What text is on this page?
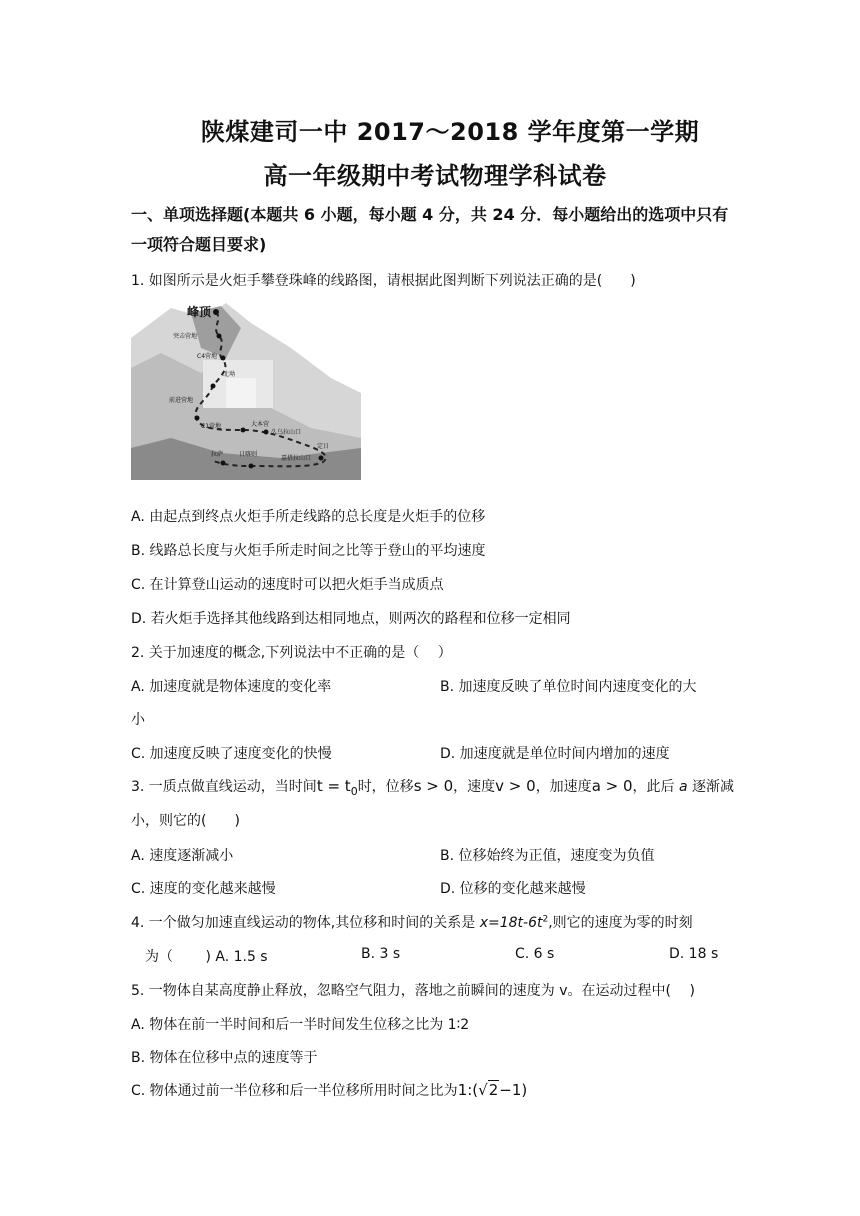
陕煤建司一中 2017～2018 学年度第一学期
高一年级期中考试物理学科试卷
一、单项选择题(本题共 6 小题，每小题 4 分，共 24 分．每小题给出的选项中只有一项符合题目要求)
1. 如图所示是火炬手攀登珠峰的线路图，请根据此图判断下列说法正确的是(　　)
峰顶
突击营地
C4营地
北坳
前进营地
C1营地	大本营
久乌拉山口
定日
拉萨	日喀则
嘉措拉山口
A. 由起点到终点火炬手所走线路的总长度是火炬手的位移
B. 线路总长度与火炬手所走时间之比等于登山的平均速度
C. 在计算登山运动的速度时可以把火炬手当成质点
D. 若火炬手选择其他线路到达相同地点，则两次的路程和位移一定相同
2. 关于加速度的概念,下列说法中不正确的是（　 ）
A. 加速度就是物体速度的变化率	B. 加速度反映了单位时间内速度变化的大
小
C. 加速度反映了速度变化的快慢	D. 加速度就是单位时间内增加的速度
3. 一质点做直线运动，当时间$t = t_0$时，位移s > 0，速度v > 0，加速度a > 0，此后 a 逐渐减
小，则它的(　　)
A. 速度逐渐减小	B. 位移始终为正值，速度变为负值
C. 速度的变化越来越慢	D. 位移的变化越来越慢
4. 一个做匀加速直线运动的物体,其位移和时间的关系是 $x=18t-6t^2$,则它的速度为零的时刻
　为（　　 ) A. 1.5 s	B. 3 s	C. 6 s	D. 18 s
5. 一物体自某高度静止释放，忽略空气阻力，落地之前瞬间的速度为 v。在运动过程中(　 )
A. 物体在前一半时间和后一半时间发生位移之比为 1∶2
B. 物体在位移中点的速度等于
C. 物体通过前一半位移和后一半位移所用时间之比为1:(√2−1)
